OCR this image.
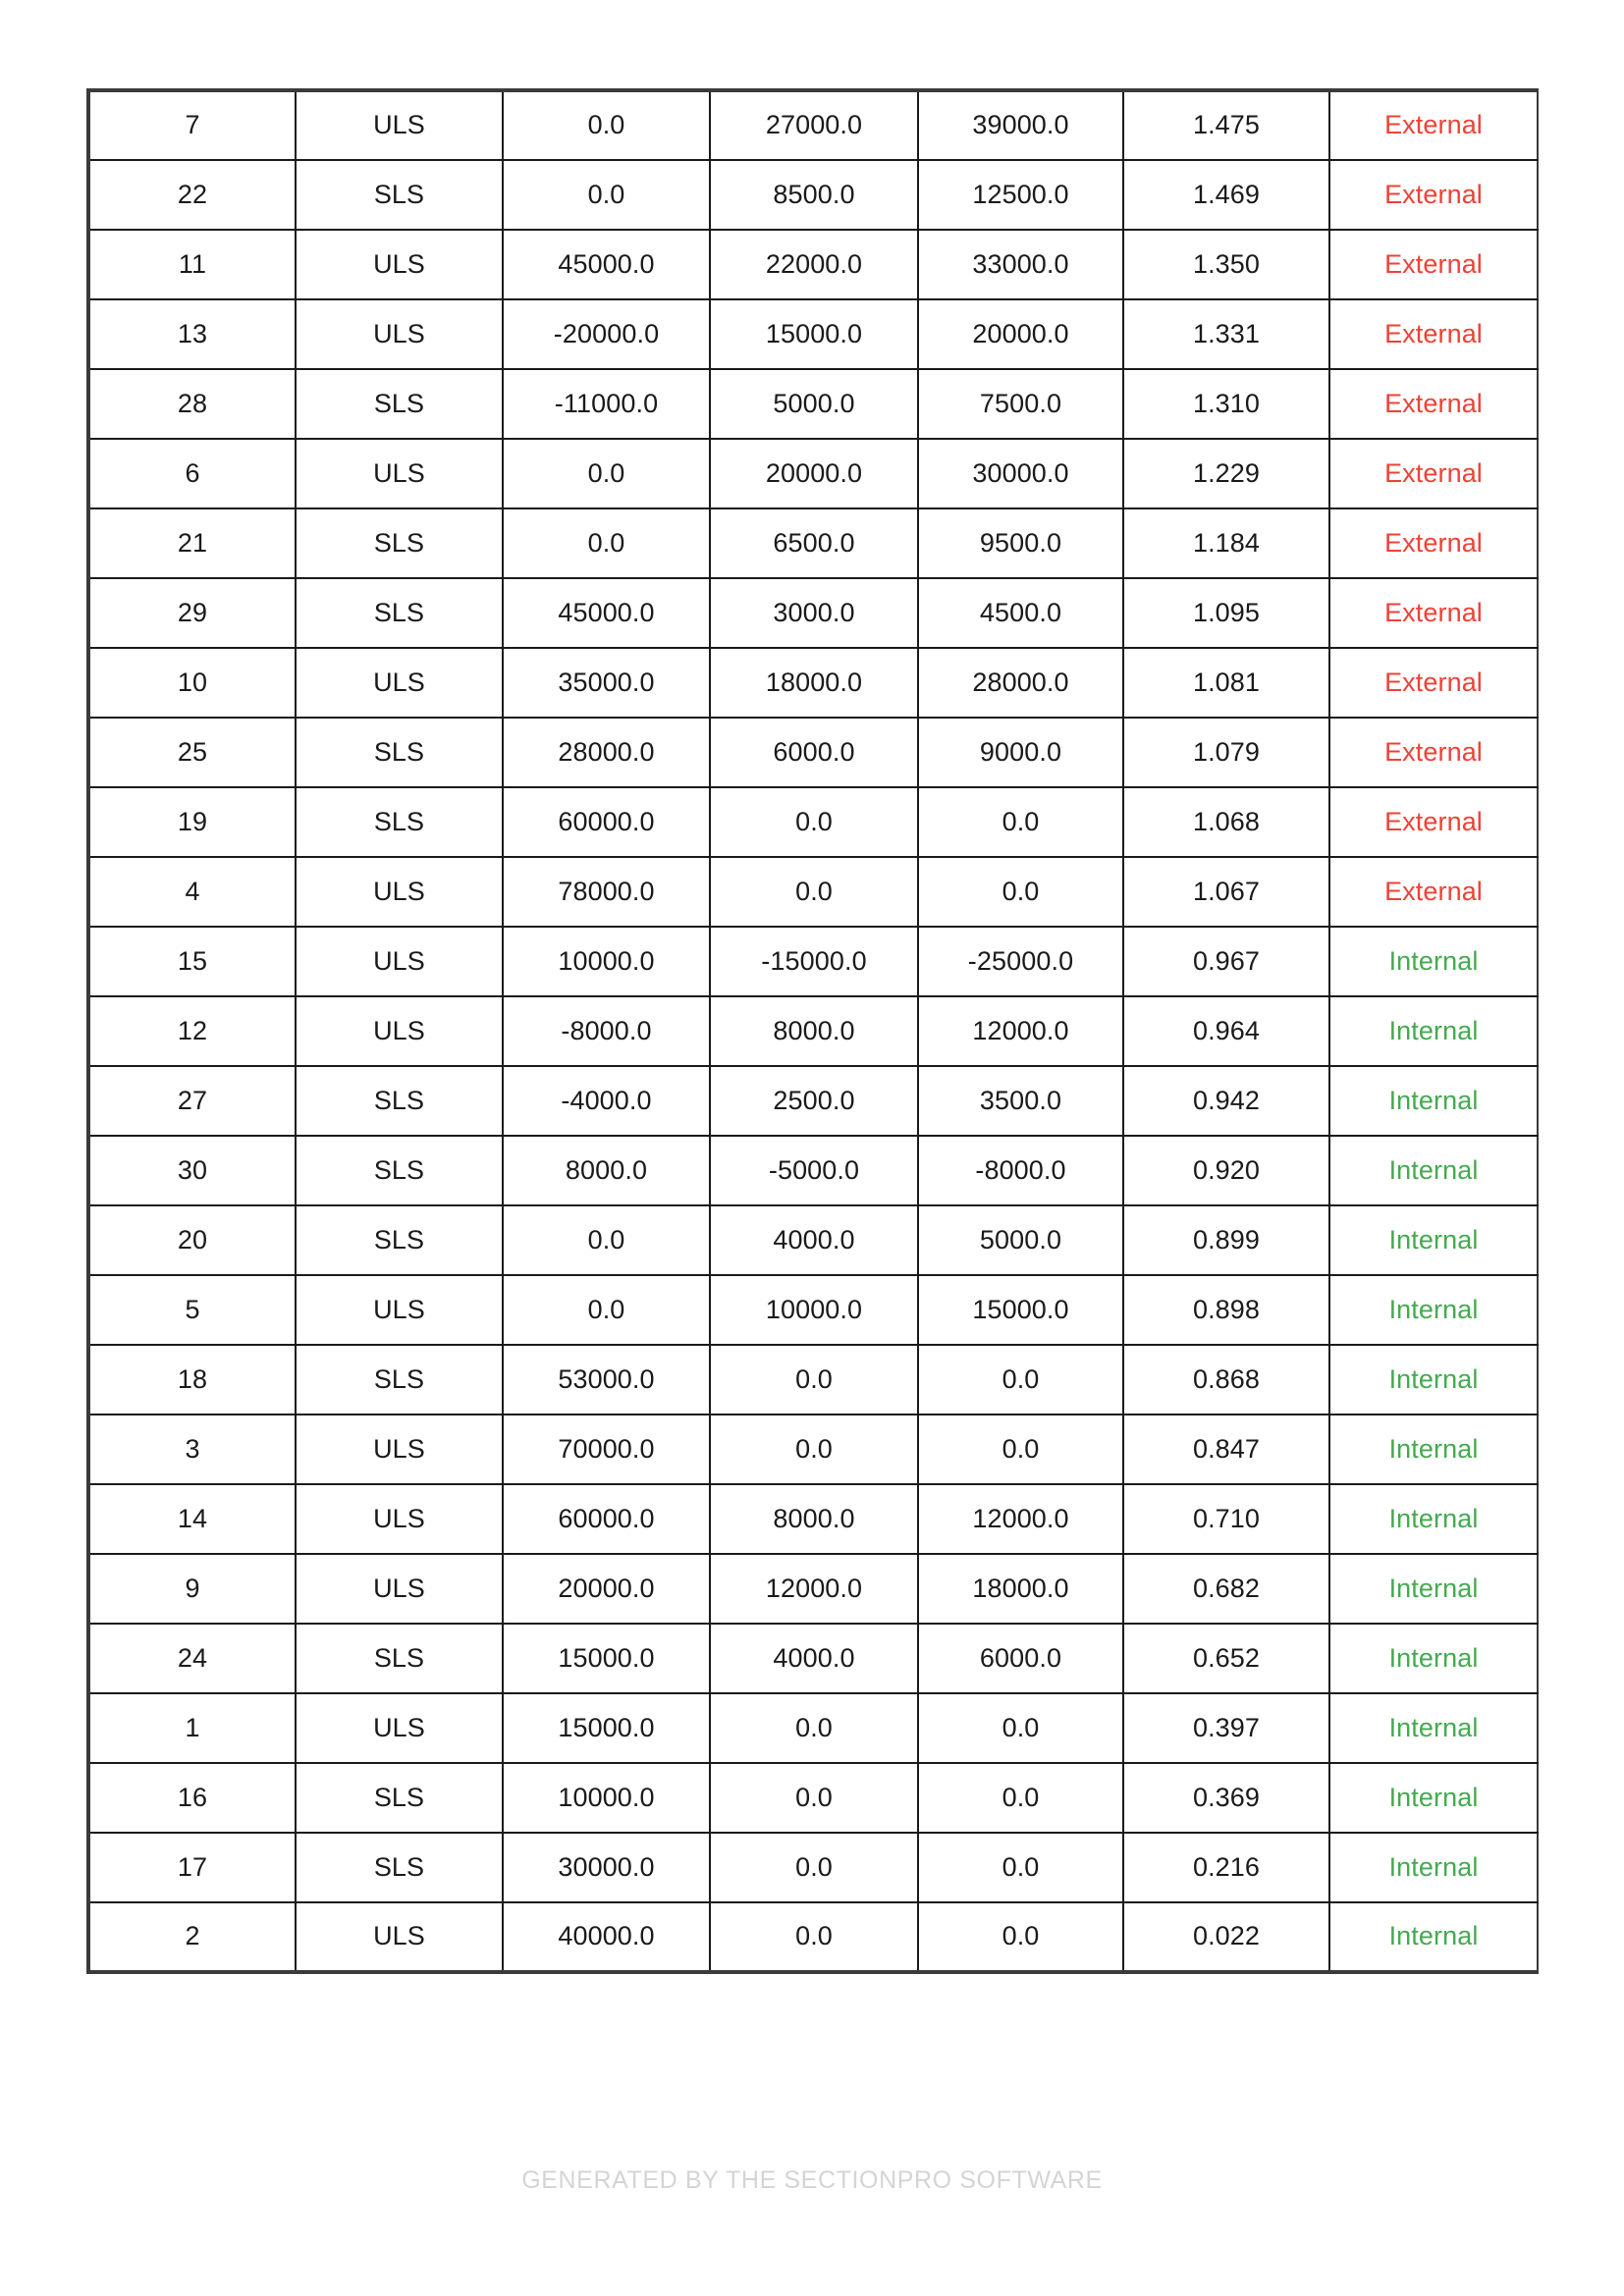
7	ULS	0.0	27000.0	39000.0	1.475	External
22	SLS	0.0	8500.0	12500.0	1.469	External
11	ULS	45000.0	22000.0	33000.0	1.350	External
13	ULS	-20000.0	15000.0	20000.0	1.331	External
28	SLS	-11000.0	5000.0	7500.0	1.310	External
6	ULS	0.0	20000.0	30000.0	1.229	External
21	SLS	0.0	6500.0	9500.0	1.184	External
29	SLS	45000.0	3000.0	4500.0	1.095	External
10	ULS	35000.0	18000.0	28000.0	1.081	External
25	SLS	28000.0	6000.0	9000.0	1.079	External
19	SLS	60000.0	0.0	0.0	1.068	External
4	ULS	78000.0	0.0	0.0	1.067	External
15	ULS	10000.0	-15000.0	-25000.0	0.967	Internal
12	ULS	-8000.0	8000.0	12000.0	0.964	Internal
27	SLS	-4000.0	2500.0	3500.0	0.942	Internal
30	SLS	8000.0	-5000.0	-8000.0	0.920	Internal
20	SLS	0.0	4000.0	5000.0	0.899	Internal
5	ULS	0.0	10000.0	15000.0	0.898	Internal
18	SLS	53000.0	0.0	0.0	0.868	Internal
3	ULS	70000.0	0.0	0.0	0.847	Internal
14	ULS	60000.0	8000.0	12000.0	0.710	Internal
9	ULS	20000.0	12000.0	18000.0	0.682	Internal
24	SLS	15000.0	4000.0	6000.0	0.652	Internal
1	ULS	15000.0	0.0	0.0	0.397	Internal
16	SLS	10000.0	0.0	0.0	0.369	Internal
17	SLS	30000.0	0.0	0.0	0.216	Internal
2	ULS	40000.0	0.0	0.0	0.022	Internal
GENERATED BY THE SECTIONPRO SOFTWARE
